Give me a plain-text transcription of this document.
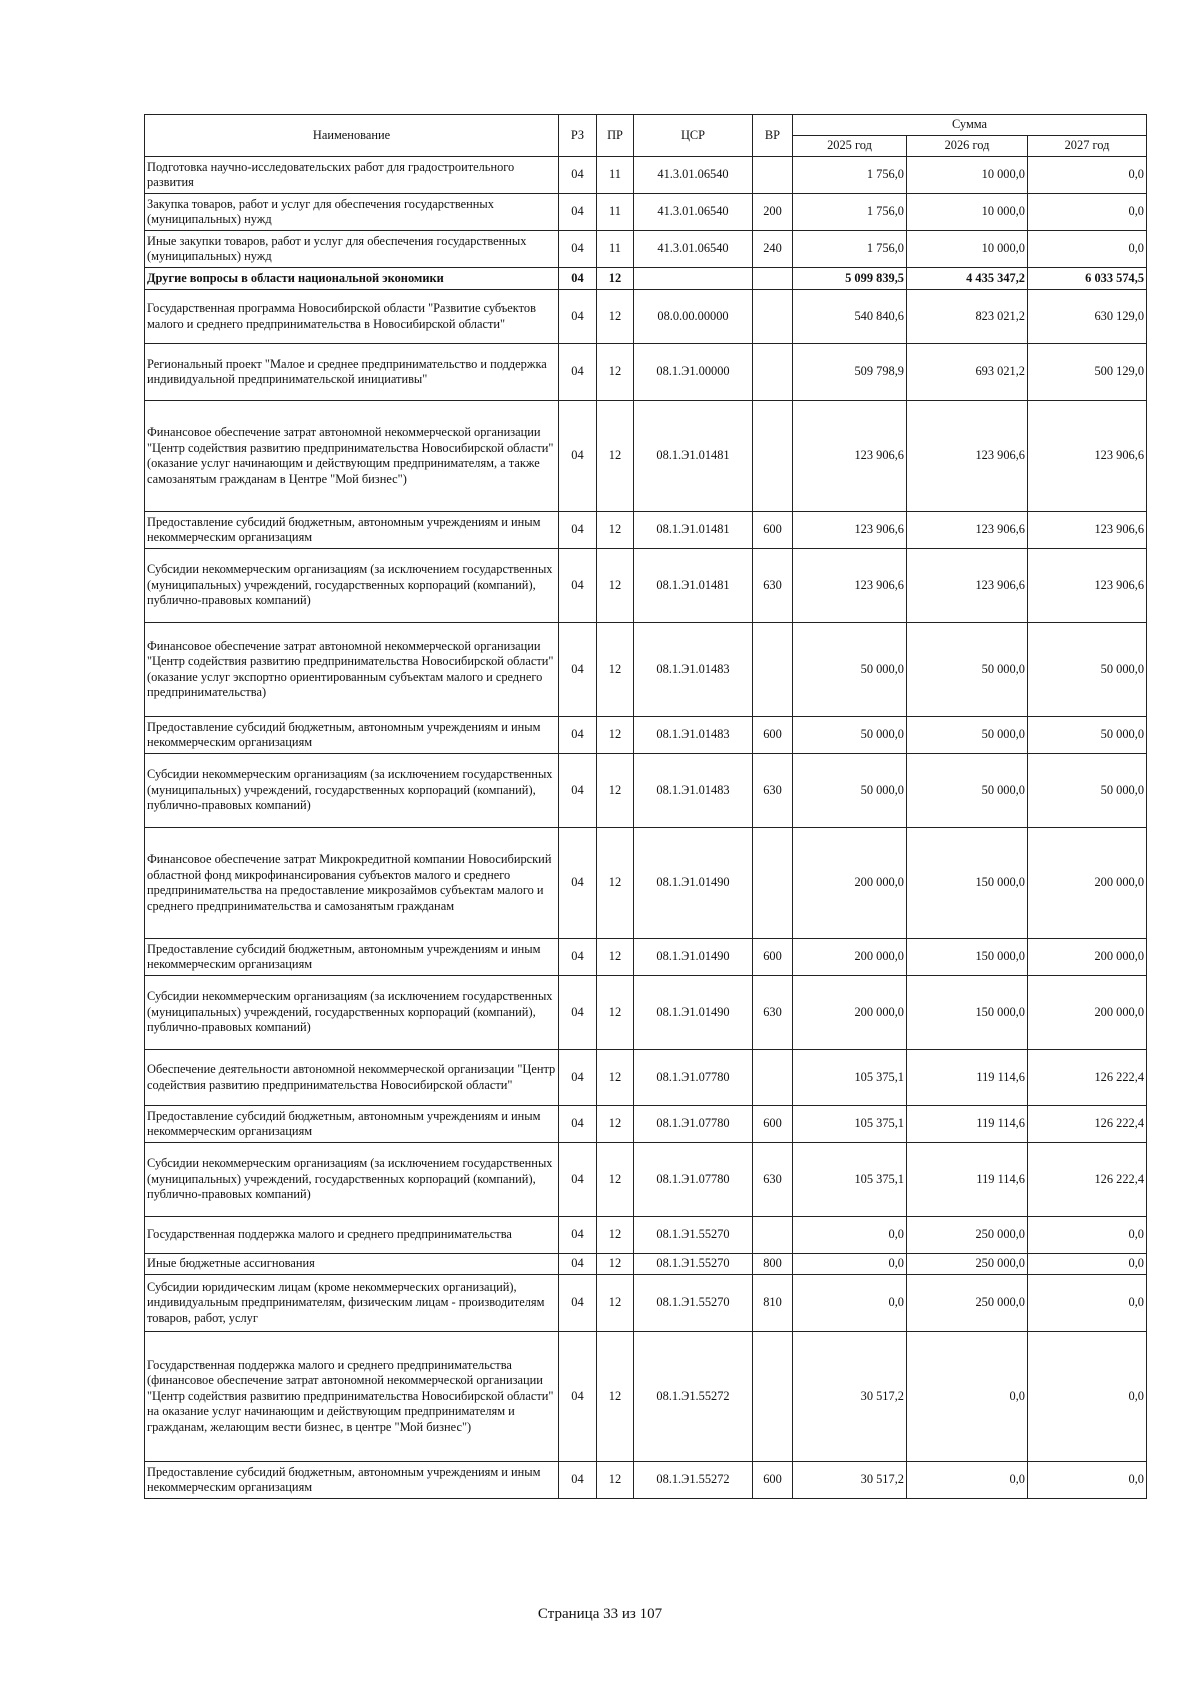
Наименование	РЗ	ПР	ЦСР	ВР	Сумма		
					2025 год	2026 год	2027 год
Подготовка научно-исследовательских работ для градостроительного развития	04	11	41.3.01.06540		1 756,0	10 000,0	0,0
Закупка товаров, работ и услуг для обеспечения государственных (муниципальных) нужд	04	11	41.3.01.06540	200	1 756,0	10 000,0	0,0
Иные закупки товаров, работ и услуг для обеспечения государственных (муниципальных) нужд	04	11	41.3.01.06540	240	1 756,0	10 000,0	0,0
Другие вопросы в области национальной экономики	04	12			5 099 839,5	4 435 347,2	6 033 574,5
Государственная программа Новосибирской области "Развитие субъектов малого и среднего предпринимательства в Новосибирской области"	04	12	08.0.00.00000		540 840,6	823 021,2	630 129,0
Региональный проект "Малое и среднее предпринимательство и поддержка индивидуальной предпринимательской инициативы"	04	12	08.1.Э1.00000		509 798,9	693 021,2	500 129,0
Финансовое обеспечение затрат автономной некоммерческой организации "Центр содействия развитию предпринимательства Новосибирской области" (оказание услуг начинающим и действующим предпринимателям, а также самозанятым гражданам в Центре "Мой бизнес")	04	12	08.1.Э1.01481		123 906,6	123 906,6	123 906,6
Предоставление субсидий бюджетным, автономным учреждениям и иным некоммерческим организациям	04	12	08.1.Э1.01481	600	123 906,6	123 906,6	123 906,6
Субсидии некоммерческим организациям (за исключением государственных (муниципальных) учреждений, государственных корпораций (компаний), публично-правовых компаний)	04	12	08.1.Э1.01481	630	123 906,6	123 906,6	123 906,6
Финансовое обеспечение затрат автономной некоммерческой организации "Центр содействия развитию предпринимательства Новосибирской области" (оказание услуг экспортно ориентированным субъектам малого и среднего предпринимательства)	04	12	08.1.Э1.01483		50 000,0	50 000,0	50 000,0
Предоставление субсидий бюджетным, автономным учреждениям и иным некоммерческим организациям	04	12	08.1.Э1.01483	600	50 000,0	50 000,0	50 000,0
Субсидии некоммерческим организациям (за исключением государственных (муниципальных) учреждений, государственных корпораций (компаний), публично-правовых компаний)	04	12	08.1.Э1.01483	630	50 000,0	50 000,0	50 000,0
Финансовое обеспечение затрат Микрокредитной компании Новосибирский областной фонд микрофинансирования субъектов малого и среднего предпринимательства на предоставление микрозаймов субъектам малого и среднего предпринимательства и самозанятым гражданам	04	12	08.1.Э1.01490		200 000,0	150 000,0	200 000,0
Предоставление субсидий бюджетным, автономным учреждениям и иным некоммерческим организациям	04	12	08.1.Э1.01490	600	200 000,0	150 000,0	200 000,0
Субсидии некоммерческим организациям (за исключением государственных (муниципальных) учреждений, государственных корпораций (компаний), публично-правовых компаний)	04	12	08.1.Э1.01490	630	200 000,0	150 000,0	200 000,0
Обеспечение деятельности автономной некоммерческой организации "Центр содействия развитию предпринимательства Новосибирской области"	04	12	08.1.Э1.07780		105 375,1	119 114,6	126 222,4
Предоставление субсидий бюджетным, автономным учреждениям и иным некоммерческим организациям	04	12	08.1.Э1.07780	600	105 375,1	119 114,6	126 222,4
Субсидии некоммерческим организациям (за исключением государственных (муниципальных) учреждений, государственных корпораций (компаний), публично-правовых компаний)	04	12	08.1.Э1.07780	630	105 375,1	119 114,6	126 222,4
Государственная поддержка малого и среднего предпринимательства	04	12	08.1.Э1.55270		0,0	250 000,0	0,0
Иные бюджетные ассигнования	04	12	08.1.Э1.55270	800	0,0	250 000,0	0,0
Субсидии юридическим лицам (кроме некоммерческих организаций), индивидуальным предпринимателям, физическим лицам - производителям товаров, работ, услуг	04	12	08.1.Э1.55270	810	0,0	250 000,0	0,0
Государственная поддержка малого и среднего предпринимательства (финансовое обеспечение затрат автономной некоммерческой организации "Центр содействия развитию предпринимательства Новосибирской области" на оказание услуг начинающим и действующим предпринимателям и гражданам, желающим вести бизнес, в центре "Мой бизнес")	04	12	08.1.Э1.55272		30 517,2	0,0	0,0
Предоставление субсидий бюджетным, автономным учреждениям и иным некоммерческим организациям	04	12	08.1.Э1.55272	600	30 517,2	0,0	0,0
Страница 33 из 107
